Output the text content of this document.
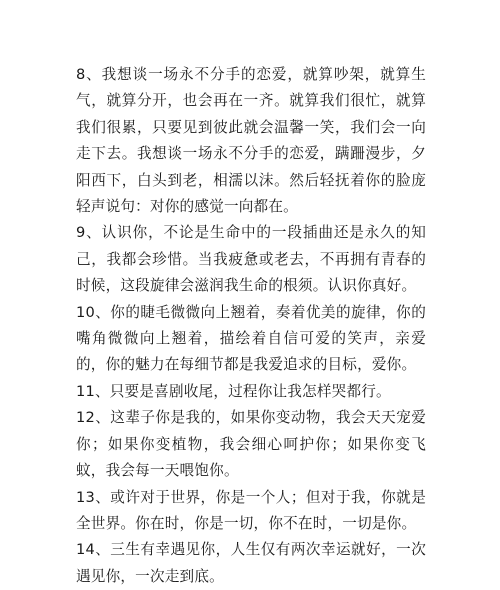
8、我想谈一场永不分手的恋爱，就算吵架，就算生气，就算分开，也会再在一齐。就算我们很忙，就算我们很累，只要见到彼此就会温馨一笑，我们会一向走下去。我想谈一场永不分手的恋爱，蹒跚漫步，夕阳西下，白头到老，相濡以沫。然后轻抚着你的脸庞轻声说句：对你的感觉一向都在。

9、认识你，不论是生命中的一段插曲还是永久的知己，我都会珍惜。当我疲惫或老去，不再拥有青春的时候，这段旋律会滋润我生命的根须。认识你真好。

10、你的睫毛微微向上翘着，奏着优美的旋律，你的嘴角微微向上翘着，描绘着自信可爱的笑声，亲爱的，你的魅力在每细节都是我爱追求的目标，爱你。

11、只要是喜剧收尾，过程你让我怎样哭都行。

12、这辈子你是我的，如果你变动物，我会天天宠爱你；如果你变植物，我会细心呵护你；如果你变飞蚊，我会每一天喂饱你。

13、或许对于世界，你是一个人；但对于我，你就是全世界。你在时，你是一切，你不在时，一切是你。

14、三生有幸遇见你，人生仅有两次幸运就好，一次遇见你，一次走到底。
